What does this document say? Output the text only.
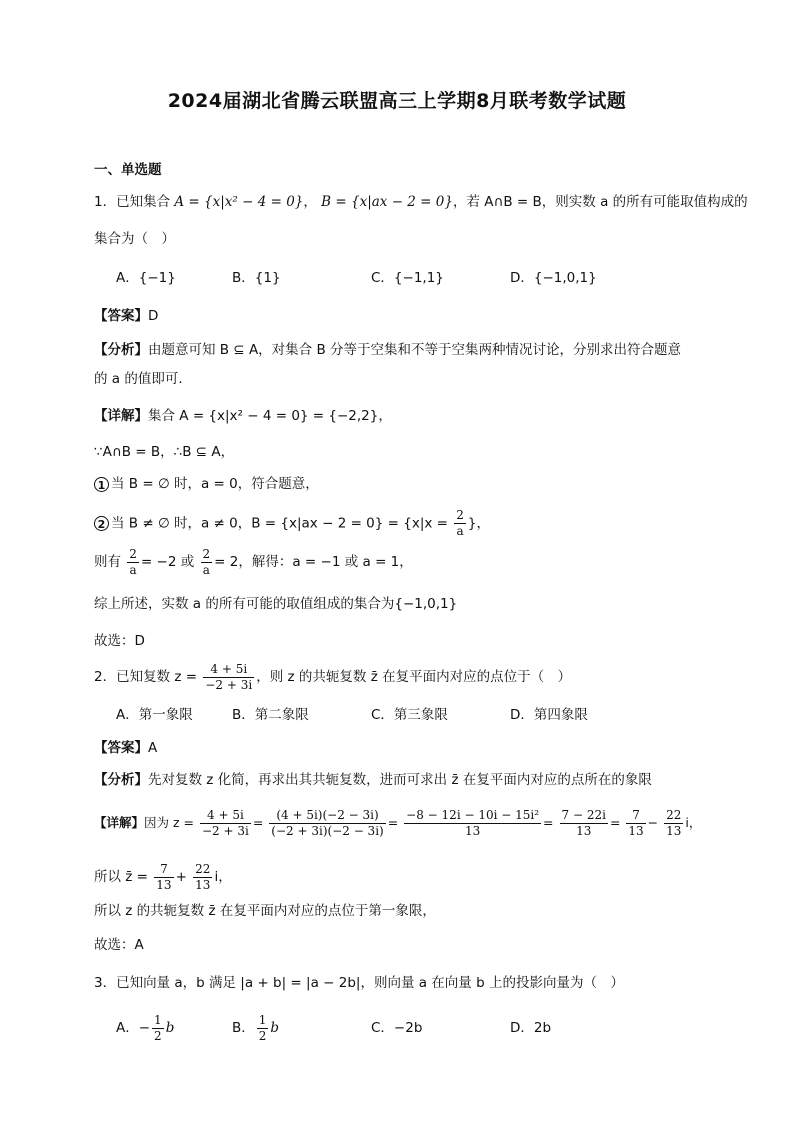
2024届湖北省腾云联盟高三上学期8月联考数学试题
一、单选题
1．已知集合 A = {x|x² − 4 = 0}， B = {x|ax − 2 = 0}，若 A∩B = B，则实数 a 的所有可能取值构成的
集合为（　）
A．{−1}	B．{1}	C．{−1,1}	D．{−1,0,1}
【答案】D
【分析】由题意可知 B ⊆ A，对集合 B 分等于空集和不等于空集两种情况讨论，分别求出符合题意
的 a 的值即可．
【详解】集合 A = {x|x² − 4 = 0} = {−2,2}，
∵A∩B = B，∴B ⊆ A，
1 当 B = ∅ 时，a = 0，符合题意，
2 当 B ≠ ∅ 时，a ≠ 0，$B = \{x|ax - 2 = 0\} = \{x|x = \frac{2}{a}$ }，
则有 $\frac{2}{a} = -2$ 或 $\frac{2}{a} = 2$，解得：a = −1 或 a = 1，
综上所述，实数 a 的所有可能的取值组成的集合为{−1,0,1}
故选：D
2．已知复数 $z = \frac{4 + 5i}{-2 + 3i}$ ，则 z 的共轭复数 z̄ 在复平面内对应的点位于（　）
A．第一象限	B．第二象限	C．第三象限	D．第四象限
【答案】A
【分析】先对复数 z 化简，再求出其共轭复数，进而可求出 z̄ 在复平面内对应的点所在的象限
【详解】因为 $z = \frac{4 + 5i}{-2 + 3i} = \frac{(4 + 5i)(-2 - 3i)}{(-2 + 3i)(-2 - 3i)} = \frac{\text{−8 − 12i − 10i − 15i²}}{13} = \frac{7 - 22i}{13} = \frac{7}{13} - \frac{22}{13}$ i，
所以 z̄ = $\frac{7}{13} + \frac{22}{13}$ i，
所以 z 的共轭复数 z̄ 在复平面内对应的点位于第一象限，
故选：A
3．已知向量 a，b 满足 |a + b| = |a − 2b|，则向量 a 在向量 b 上的投影向量为（　）
A．− $\frac{1}{2}$ b	B． $\frac{1}{2}$ b	C．−2b	D．2b
